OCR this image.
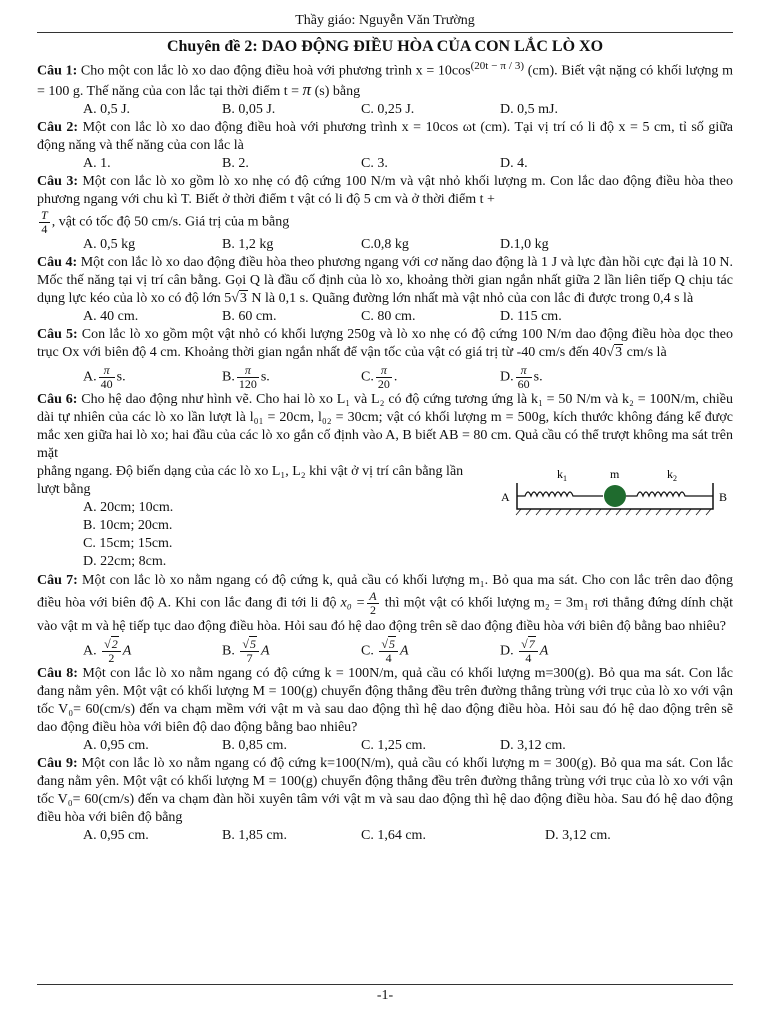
Thầy giáo: Nguyễn Văn Trường
Chuyên đề 2: DAO ĐỘNG ĐIỀU HÒA CỦA CON LẮC LÒ XO

Câu 1: Cho một con lắc lò xo dao động điều hoà với phương trình $x = 10\cos^{(20t - \pi / 3)}$ (cm). Biết vật nặng có khối lượng m = 100 g. Thế năng của con lắc tại thời điểm t = π (s) bằng

A. 0,5 J.	B. 0,05 J.	C. 0,25 J.	D. 0,5 mJ.

Câu 2: Một con lắc lò xo dao động điều hoà với phương trình x = 10cos ωt (cm). Tại vị trí có li độ x = 5 cm, tỉ số giữa động năng và thế năng của con lắc là

A. 1.	B. 2.	C. 3.	D. 4.

Câu 3: Một con lắc lò xo gồm lò xo nhẹ có độ cứng 100 N/m và vật nhỏ khối lượng m. Con lắc dao động điều hòa theo phương ngang với chu kì T. Biết ở thời điểm t vật có li độ 5 cm và ở thời điểm t +

$\frac{T}{4}$ , vật có tốc độ 50 cm/s. Giá trị của m bằng

A. 0,5 kg	B. 1,2 kg	C.0,8 kg	D.1,0 kg

Câu 4: Một con lắc lò xo dao động điều hòa theo phương ngang với cơ năng dao động là 1 J và lực đàn hồi cực đại là 10 N. Mốc thế năng tại vị trí cân bằng. Gọi Q là đầu cố định của lò xo, khoảng thời gian ngắn nhất giữa 2 lần liên tiếp Q chịu tác dụng lực kéo của lò xo có độ lớn 5√3 N là 0,1 s. Quãng đường lớn nhất mà vật nhỏ của con lắc đi được trong 0,4 s là

A. 40 cm.	B. 60 cm.	C. 80 cm.	D. 115 cm.

Câu 5: Con lắc lò xo gồm một vật nhỏ có khối lượng 250g và lò xo nhẹ có độ cứng 100 N/m dao động điều hòa dọc theo trục Ox với biên độ 4 cm. Khoảng thời gian ngắn nhất để vận tốc của vật có giá trị từ -40 cm/s đến 40√3 cm/s là

A. $\frac{\pi}{40} s$.	B. $\frac{\pi}{120} s$.	C. $\frac{\pi}{20}$ .	D. $\frac{\pi}{60} s$.

Câu 6: Cho hệ dao động như hình vẽ. Cho hai lò xo L₁ và L₂ có độ cứng tương ứng là k₁ = 50 N/m và k₂ = 100N/m, chiều dài tự nhiên của các lò xo lần lượt là l₀₁ = 20cm, l₀₂ = 30cm; vật có khối lượng m = 500g, kích thước không đáng kể được mắc xen giữa hai lò xo; hai đầu của các lò xo gắn cố định vào A, B biết AB = 80 cm. Quả cầu có thể trượt không ma sát trên mặt

phẳng ngang. Độ biến dạng của các lò xo L₁, L₂ khi vật ở vị trí cân bằng lần lượt bằng

A. 20cm; 10cm.
B. 10cm; 20cm.
C. 15cm; 15cm.
D. 22cm; 8cm.
A	B
$k_1$	m	$k_2$

Câu 7: Một con lắc lò xo nằm ngang có độ cứng k, quả cầu có khối lượng m₁. Bỏ qua ma sát. Cho con lắc trên dao động điều hòa với biên độ A. Khi con lắc đang đi tới li độ $x_0 = \frac{A}{2}$ thì một vật có khối lượng m₂ = 3m₁ rơi thẳng đứng dính chặt vào vật m và hệ tiếp tục dao động điều hòa. Hỏi sau đó hệ dao động trên sẽ dao động điều hòa với biên độ bằng bao nhiêu?

A. $\frac{√2}{2}$ A	B. $\frac{√5}{7}$ A	C. $\frac{√5}{4}$ A	D. $\frac{√7}{4}$ A

Câu 8: Một con lắc lò xo nằm ngang có độ cứng k = 100N/m, quả cầu có khối lượng m=300(g). Bỏ qua ma sát. Con lắc đang nằm yên. Một vật có khối lượng M = 100(g) chuyển động thẳng đều trên đường thẳng trùng với trục của lò xo với vận tốc V₀= 60(cm/s) đến va chạm mềm với vật m và sau dao động thì hệ dao động điều hòa. Hỏi sau đó hệ dao động trên sẽ dao động điều hòa với biên độ dao động bằng bao nhiêu?

A. 0,95 cm.	B. 0,85 cm.	C. 1,25 cm.	D. 3,12 cm.

Câu 9: Một con lắc lò xo nằm ngang có độ cứng k=100(N/m), quả cầu có khối lượng m = 300(g). Bỏ qua ma sát. Con lắc đang nằm yên. Một vật có khối lượng M = 100(g) chuyển động thẳng đều trên đường thẳng trùng với trục của lò xo với vận tốc V₀= 60(cm/s) đến va chạm đàn hồi xuyên tâm với vật m và sau dao động thì hệ dao động điều hòa. Sau đó hệ dao động điều hòa với biên độ bằng

A. 0,95 cm.	B. 1,85 cm.	C. 1,64 cm.	D. 3,12 cm.
-1-
